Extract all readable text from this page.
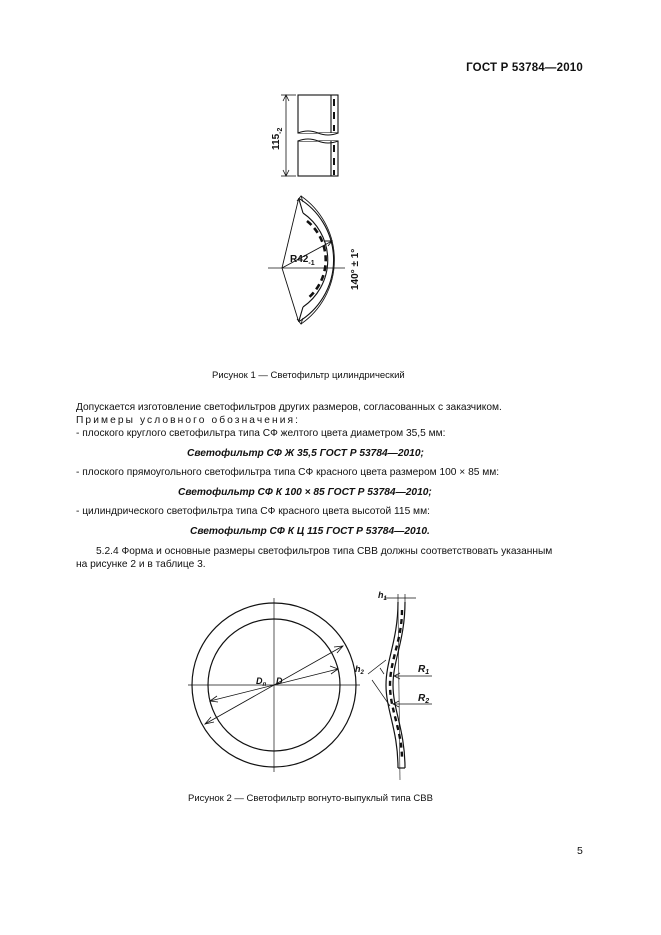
ГОСТ Р 53784—2010
$115_{-2}$
$R42_{-1}$	140° ± 1°
Рисунок 1 — Светофильтр цилиндрический
Допускается изготовление светофильтров других размеров, согласованных с заказчиком.
Примеры условного обозначения:
- плоского круглого светофильтра типа СФ желтого цвета диаметром 35,5 мм:
Светофильтр СФ Ж 35,5 ГОСТ Р 53784—2010;
- плоского прямоугольного светофильтра типа СФ красного цвета размером 100 × 85 мм:
Светофильтр СФ К 100 × 85 ГОСТ Р 53784—2010;
- цилиндрического светофильтра типа СФ красного цвета высотой 115 мм:
Светофильтр СФ К Ц 115 ГОСТ Р 53784—2010.
5.2.4 Форма и основные размеры светофильтров типа СВВ должны соответствовать указанным
на рисунке 2 и в таблице 3.
$D_п$ D
$h_1$
$h_2$	$R_1$
$R_2$
Рисунок 2 — Светофильтр вогнуто-выпуклый типа СВВ
5
